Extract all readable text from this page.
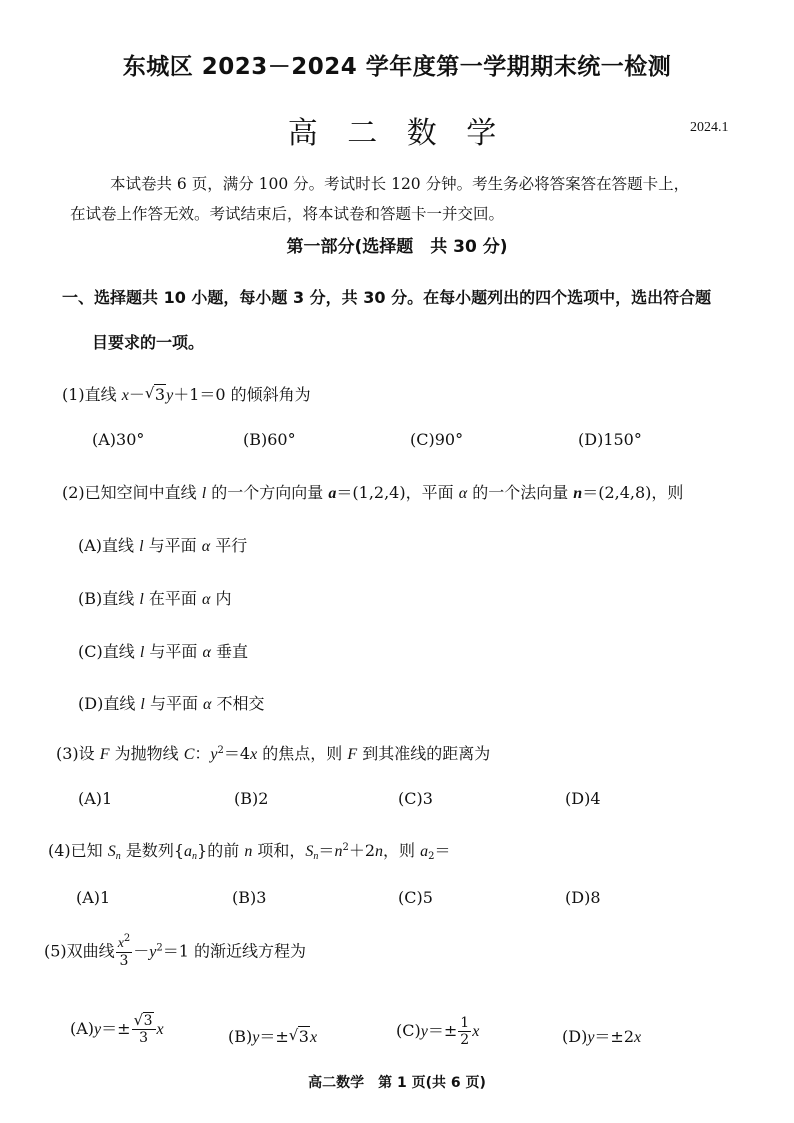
东城区 2023－2024 学年度第一学期期末统一检测
高 二 数 学	2024.1
本试卷共 6 页，满分 100 分。考试时长 120 分钟。考生务必将答案答在答题卡上，
在试卷上作答无效。考试结束后，将本试卷和答题卡一并交回。
第一部分(选择题　共 30 分)
一、选择题共 10 小题，每小题 3 分，共 30 分。在每小题列出的四个选项中，选出符合题
目要求的一项。
(1)直线 x－ √ 3y＋1＝0 的倾斜角为
(A)30°	(B)60°	(C)90°	(D)150°
(2)已知空间中直线 l 的一个方向向量 a＝(1,2,4)，平面 α 的一个法向量 n＝(2,4,8)，则
(A)直线 l 与平面 α 平行
(B)直线 l 在平面 α 内
(C)直线 l 与平面 α 垂直
(D)直线 l 与平面 α 不相交
(3)设 F 为抛物线 C：$y^2=4x$ 的焦点，则 F 到其准线的距离为
(A)1	(B)2	(C)3	(D)4
(4)已知 $S_n$ 是数列$\{a_n\}$的前 n 项和，$S_n=n^2+2n$，则 $a_2=$
(A)1	(B)3	(C)5	(D)8
(5)双曲线 $\frac{x^2}{3} -y^2=1$ 的渐近线方程为
(A)y＝± √ $\frac{3}{3}$ x	(B)y＝± √ 3x	$(C)y=\pm \frac{1}{2}$ x	(D)y＝±2x
高二数学　第 1 页(共 6 页)
